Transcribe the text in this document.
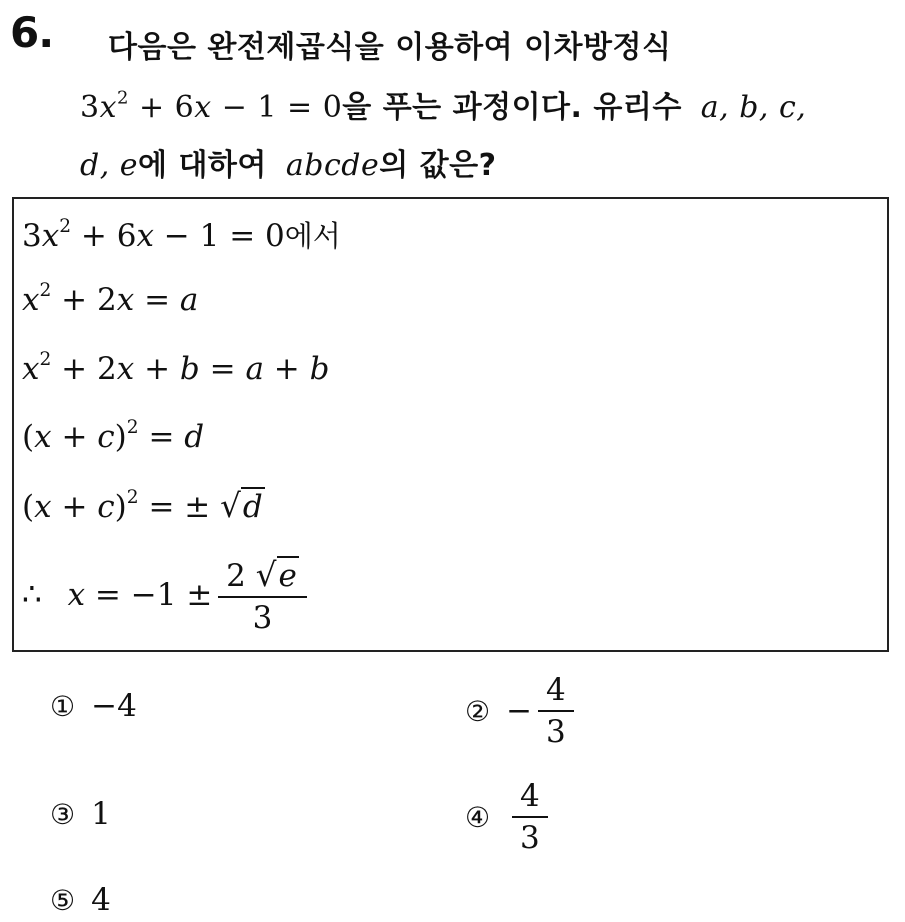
6. 다음은 완전제곱식을 이용하여 이차방정식
$3x^2 + 6x - 1 = 0$을 푸는 과정이다. 유리수 a, b, c,
d, e에 대하여 abcde의 값은?
$3x^2 + 6x - 1 = 0$에서
$x^2 + 2x = a$
$x^2 + 2x + b = a + b$
$(x + c)^2 = d$
$(x + c)^2$ = ± √d
∴ $x = -1 \pm \frac{2 √e}{3}$
① −4	② − $\frac{4}{3}$
③ 1	④ $\frac{4}{3}$
⑤ 4
